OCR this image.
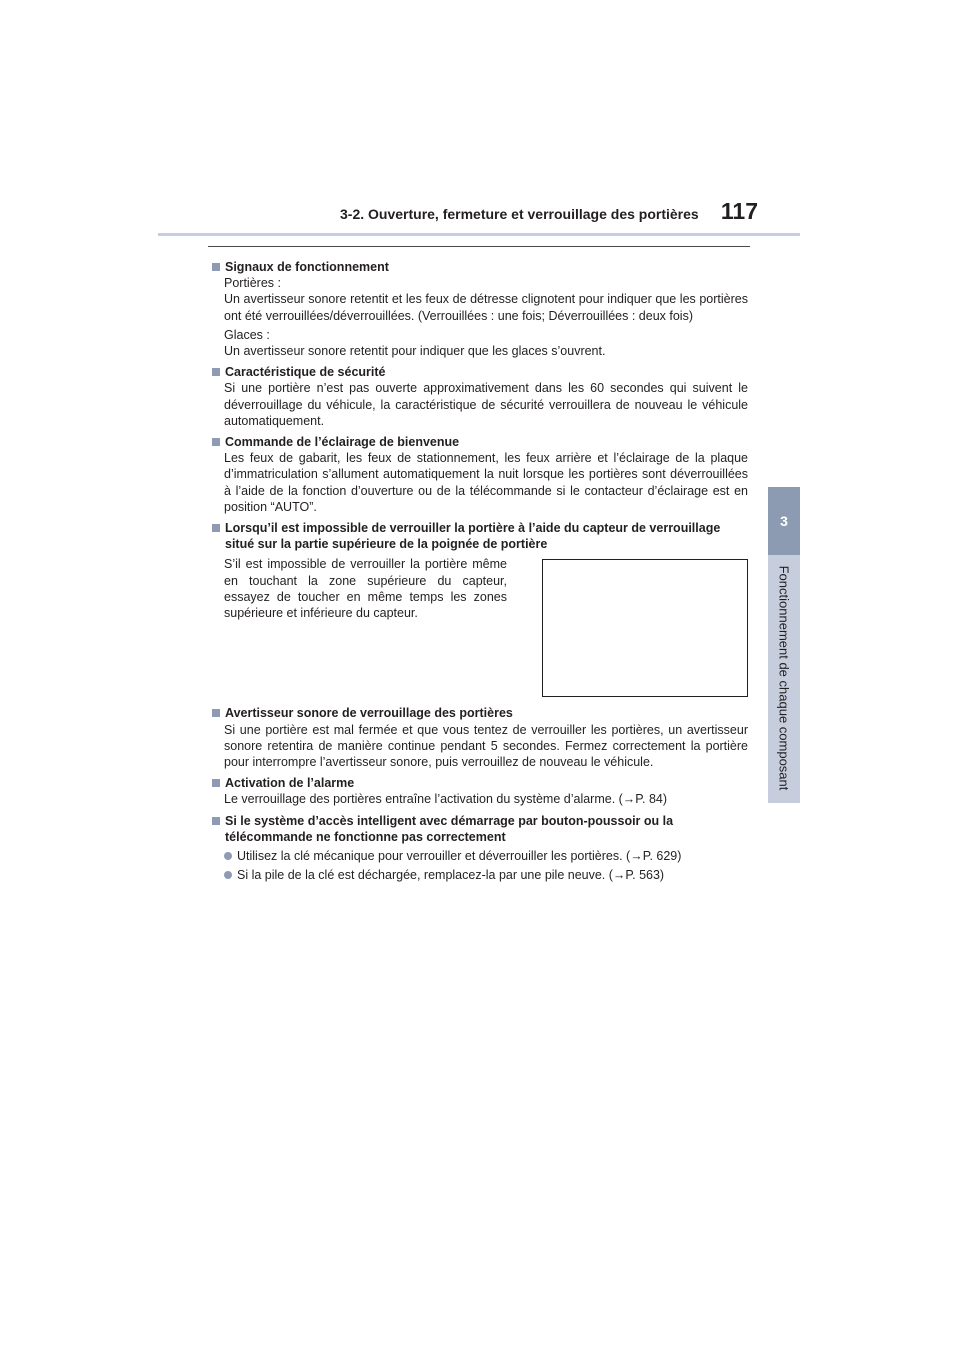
3-2. Ouverture, fermeture et verrouillage des portières 117
3
Fonctionnement de chaque composant
Signaux de fonctionnement

Portières :
Un avertisseur sonore retentit et les feux de détresse clignotent pour indiquer que les portières ont été verrouillées/déverrouillées. (Verrouillées : une fois; Déverrouillées : deux fois)

Glaces :
Un avertisseur sonore retentit pour indiquer que les glaces s’ouvrent.

Caractéristique de sécurité

Si une portière n’est pas ouverte approximativement dans les 60 secondes qui suivent le déverrouillage du véhicule, la caractéristique de sécurité verrouillera de nouveau le véhicule automatiquement.

Commande de l’éclairage de bienvenue

Les feux de gabarit, les feux de stationnement, les feux arrière et l’éclairage de la plaque d’immatriculation s’allument automatiquement la nuit lorsque les portières sont déverrouillées à l’aide de la fonction d’ouverture ou de la télécommande si le contacteur d’éclairage est en position “AUTO”.

Lorsqu’il est impossible de verrouiller la portière à l’aide du capteur de verrouillage situé sur la partie supérieure de la poignée de portière

S’il est impossible de verrouiller la portière même en touchant la zone supérieure du capteur, essayez de toucher en même temps les zones supérieure et inférieure du capteur.

Avertisseur sonore de verrouillage des portières

Si une portière est mal fermée et que vous tentez de verrouiller les portières, un avertisseur sonore retentira de manière continue pendant 5 secondes. Fermez correctement la portière pour interrompre l’avertisseur sonore, puis verrouillez de nouveau le véhicule.

Activation de l’alarme

Le verrouillage des portières entraîne l’activation du système d’alarme. (→P. 84)

Si le système d’accès intelligent avec démarrage par bouton-poussoir ou la télécommande ne fonctionne pas correctement
Utilisez la clé mécanique pour verrouiller et déverrouiller les portières. (→P. 629)
Si la pile de la clé est déchargée, remplacez-la par une pile neuve. (→P. 563)
